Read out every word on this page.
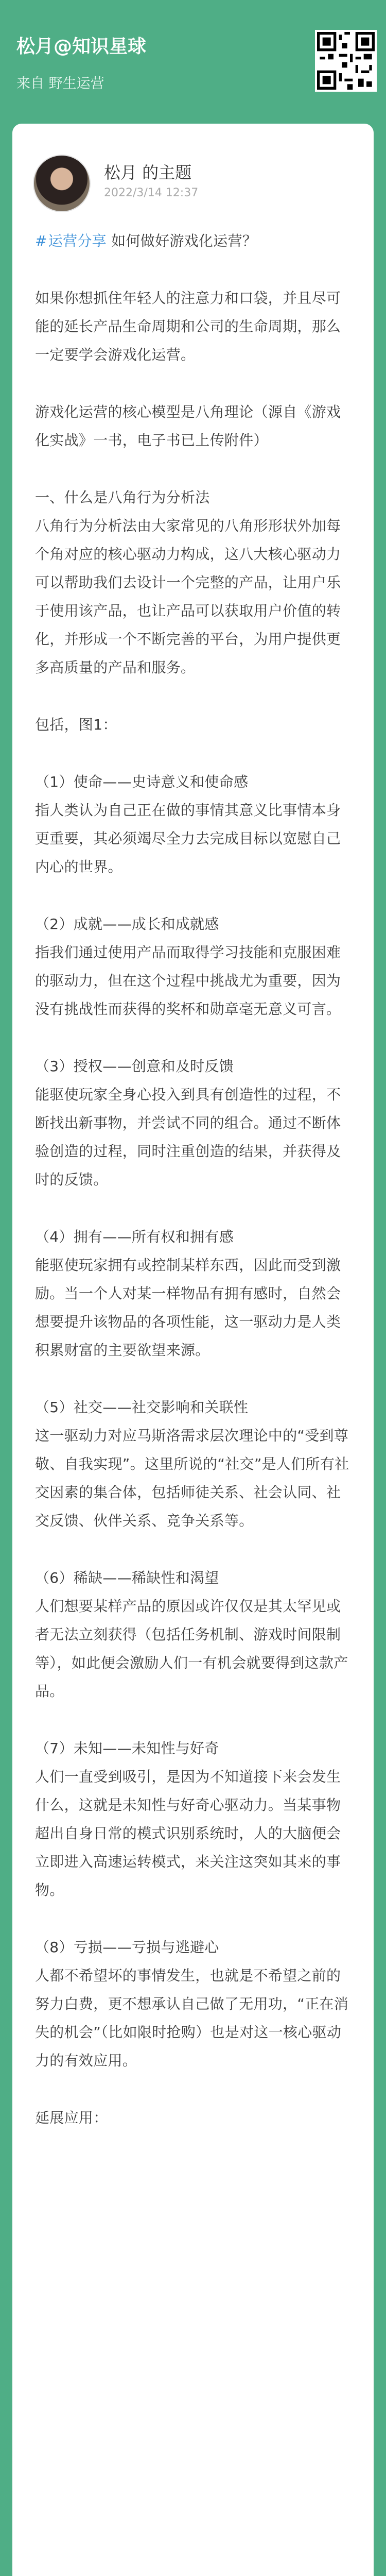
松月@知识星球
来自 野生运营
松月 的主题
2022/3/14 12:37

#运营分享 如何做好游戏化运营？

如果你想抓住年轻人的注意力和口袋，并且尽可能的延长产品生命周期和公司的生命周期，那么一定要学会游戏化运营。

游戏化运营的核心模型是八角理论（源自《游戏化实战》一书，电子书已上传附件）

一、什么是八角行为分析法
八角行为分析法由大家常见的八角形形状外加每个角对应的核心驱动力构成，这八大核心驱动力可以帮助我们去设计一个完整的产品，让用户乐于使用该产品，也让产品可以获取用户价值的转化，并形成一个不断完善的平台，为用户提供更多高质量的产品和服务。

包括，图1：

（1）使命——史诗意义和使命感
指人类认为自己正在做的事情其意义比事情本身更重要，其必须竭尽全力去完成目标以宽慰自己内心的世界。

（2）成就——成长和成就感
指我们通过使用产品而取得学习技能和克服困难的驱动力，但在这个过程中挑战尤为重要，因为没有挑战性而获得的奖杯和勋章毫无意义可言。

（3）授权——创意和及时反馈
能驱使玩家全身心投入到具有创造性的过程，不断找出新事物，并尝试不同的组合。通过不断体验创造的过程，同时注重创造的结果，并获得及时的反馈。

（4）拥有——所有权和拥有感
能驱使玩家拥有或控制某样东西，因此而受到激励。当一个人对某一样物品有拥有感时，自然会想要提升该物品的各项性能，这一驱动力是人类积累财富的主要欲望来源。

（5）社交——社交影响和关联性
这一驱动力对应马斯洛需求层次理论中的“受到尊敬、自我实现”。这里所说的“社交”是人们所有社交因素的集合体，包括师徒关系、社会认同、社交反馈、伙伴关系、竞争关系等。

（6）稀缺——稀缺性和渴望
人们想要某样产品的原因或许仅仅是其太罕见或者无法立刻获得（包括任务机制、游戏时间限制等），如此便会激励人们一有机会就要得到这款产品。

（7）未知——未知性与好奇
人们一直受到吸引，是因为不知道接下来会发生什么，这就是未知性与好奇心驱动力。当某事物超出自身日常的模式识别系统时，人的大脑便会立即进入高速运转模式，来关注这突如其来的事物。

（8）亏损——亏损与逃避心
人都不希望坏的事情发生，也就是不希望之前的努力白费，更不想承认自己做了无用功，“正在消失的机会”（比如限时抢购）也是对这一核心驱动力的有效应用。

延展应用：
